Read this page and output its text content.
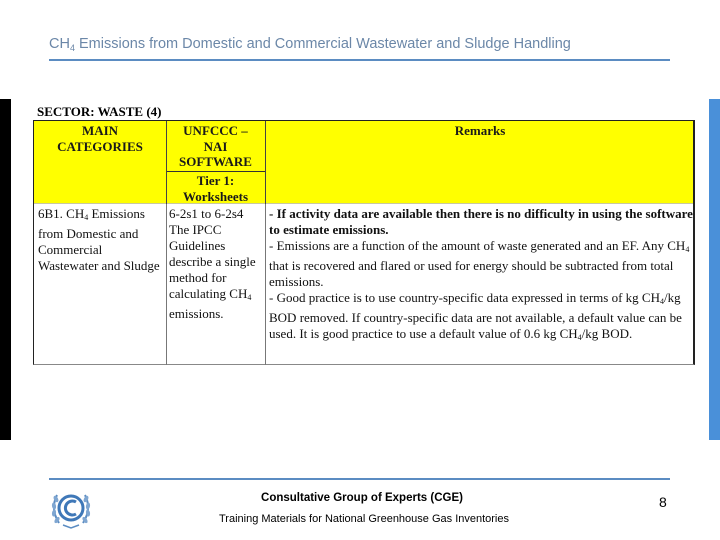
$CH_4$ Emissions from Domestic and Commercial Wastewater and Sludge Handling
SECTOR: WASTE (4)
MAIN
CATEGORIES
UNFCCC –
NAI
SOFTWARE
Tier 1:
Worksheets
Remarks
6B1. $CH_4$ Emissions from Domestic and Commercial Wastewater and Sludge
6-2s1 to 6-2s4
The IPCC Guidelines describe a single method for calculating $CH_4$ emissions.
- If activity data are available then there is no difficulty in using the software to estimate emissions.
- Emissions are a function of the amount of waste generated and an EF. Any $CH_4$ that is recovered and flared or used for energy should be subtracted from total emissions.
- Good practice is to use country-specific data expressed in terms of kg $CH_4/kg$ BOD removed. If country-specific data are not available, a default value can be used. It is good practice to use a default value of 0.6 kg $CH_4/kg$ BOD.
Consultative Group of Experts (CGE)
Training Materials for National Greenhouse Gas Inventories
8
